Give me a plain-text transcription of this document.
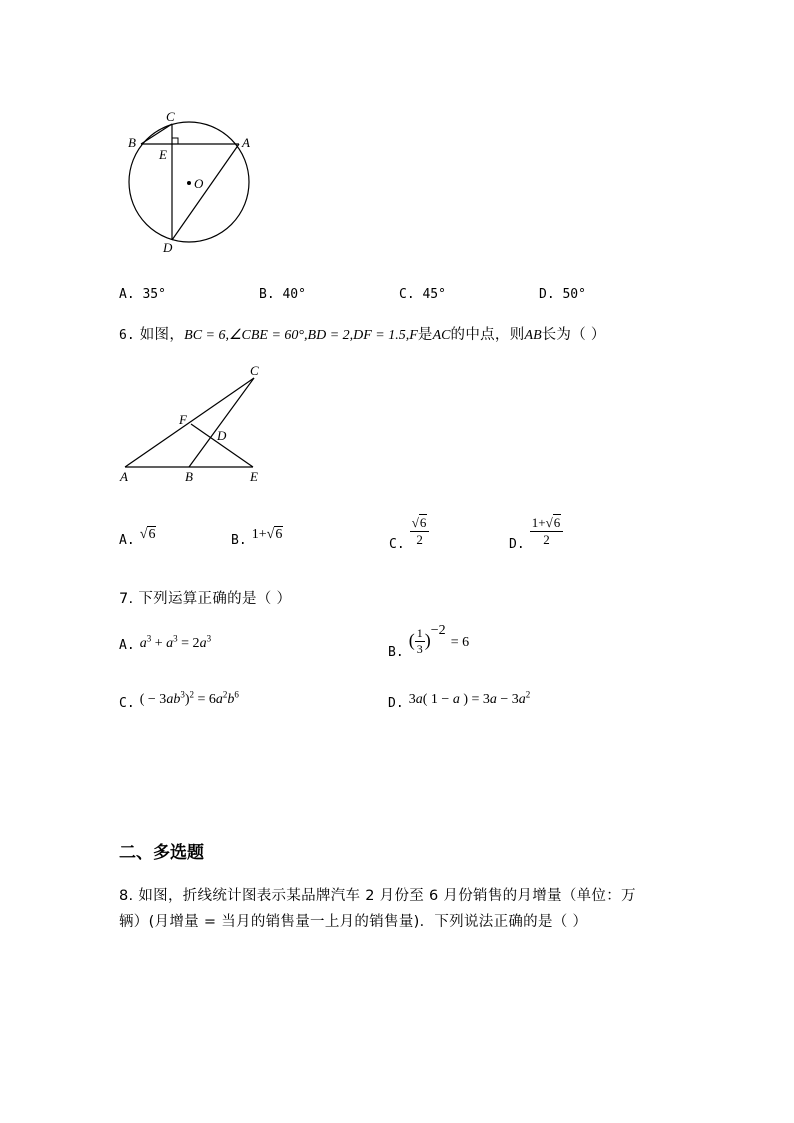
C
B	A
E
O
D
A. 35°	B. 40°	C. 45°	D. 50°
6. 如图，BC = 6,∠CBE = 60°,BD = 2,DF = 1.5,F是AC的中点，则AB长为（ ）
C
F
D
A	B	E
A. √6	B. 1+√6
$_{C.} \frac{√6}{2}$	$_{D.} \frac{1+√6}{2}$
7. 下列运算正确的是（ ）
A. $a^3 + a^3 = 2a^3$
$_{B.}$ ( $\frac{1}{3} )^{-2} = 6$
C. ( − $3ab^3)^2 = 6a^2b^6$
D. 3a( 1 − a ) = $3a - 3a^2$
二、多选题
8. 如图，折线统计图表示某品牌汽车 2 月份至 6 月份销售的月增量（单位：万
辆）(月增量 = 当月的销售量一上月的销售量)．下列说法正确的是（ ）
